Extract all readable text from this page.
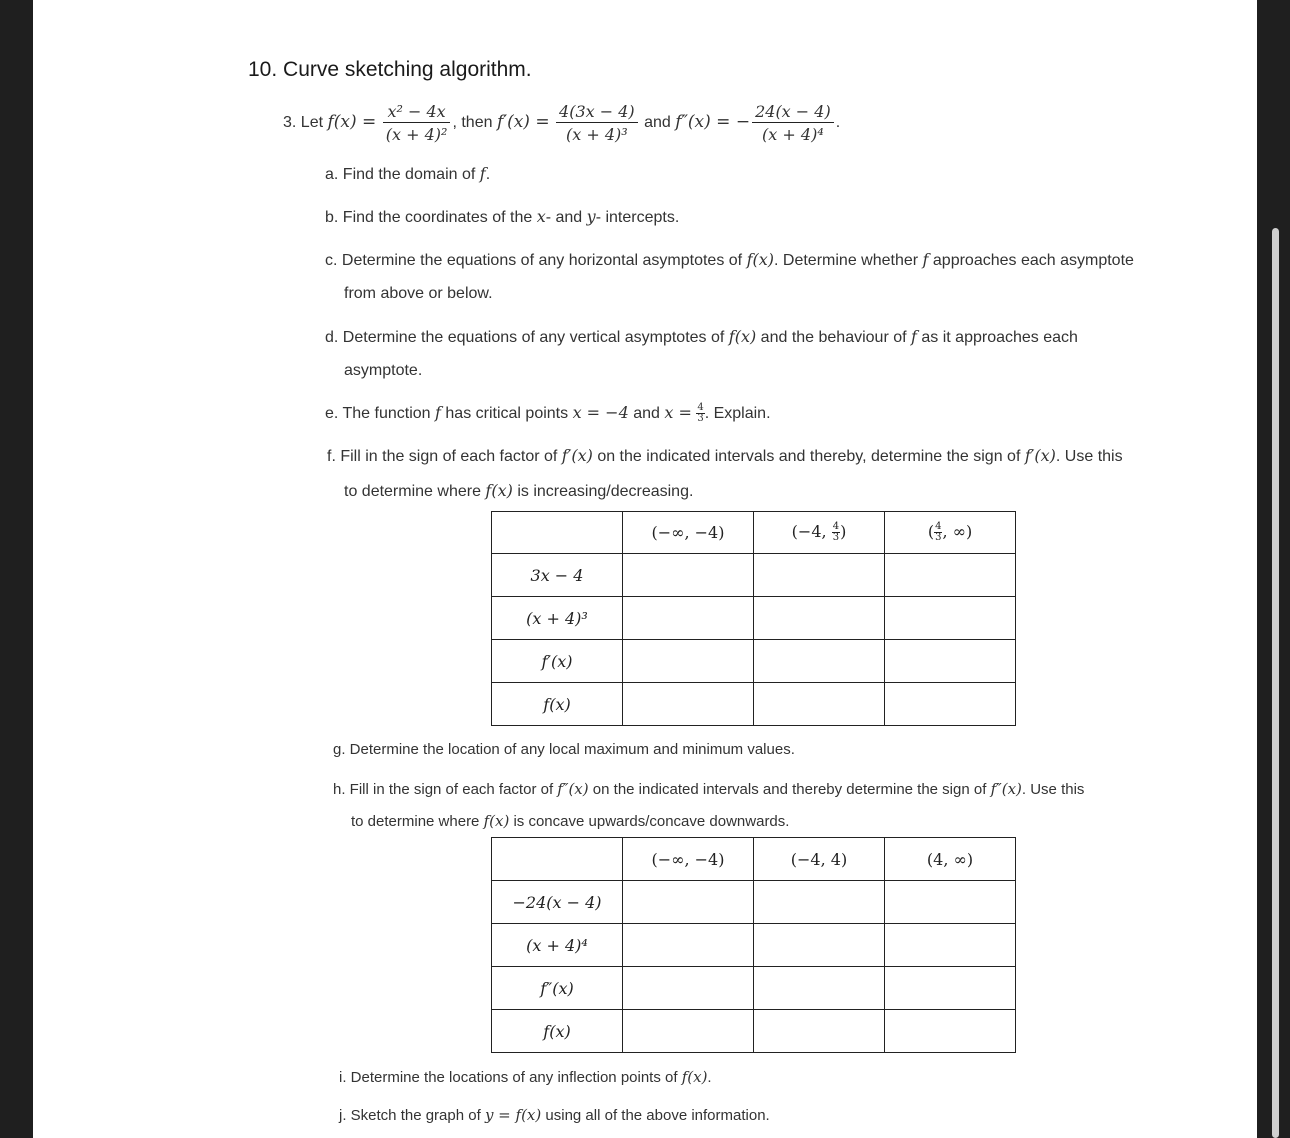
10. Curve sketching algorithm.
3. Let $f(x) = \frac{\text{x² − 4x}}{\text{(x + 4)²}}$ , then $f'(x) = \frac{4(3x - 4)}{\text{(x + 4)³}}$ and f″(x) = − $\frac{24(x - 4)}{\text{(x + 4)⁴}}$ .
a. Find the domain of f.
b. Find the coordinates of the x- and y- intercepts.
c. Determine the equations of any horizontal asymptotes of f(x). Determine whether f approaches each asymptote
from above or below.
d. Determine the equations of any vertical asymptotes of f(x) and the behaviour of f as it approaches each
asymptote.
e. The function f has critical points x = −4 and $x = \frac{4}{3}$ . Explain.
f. Fill in the sign of each factor of f′(x) on the indicated intervals and thereby, determine the sign of f′(x). Use this
to determine where f(x) is increasing/decreasing.
	(−∞, −4)	(−4, $\frac{4}{3}$ )	( $\frac{4}{3}$ , ∞)
3x − 4			
(x + 4)³			
f′(x)			
f(x)			
g. Determine the location of any local maximum and minimum values.
h. Fill in the sign of each factor of f″(x) on the indicated intervals and thereby determine the sign of f″(x). Use this
to determine where f(x) is concave upwards/concave downwards.
	(−∞, −4)	(−4, 4)	(4, ∞)
−24(x − 4)			
(x + 4)⁴			
f″(x)			
f(x)			
i. Determine the locations of any inflection points of f(x).
j. Sketch the graph of y = f(x) using all of the above information.
